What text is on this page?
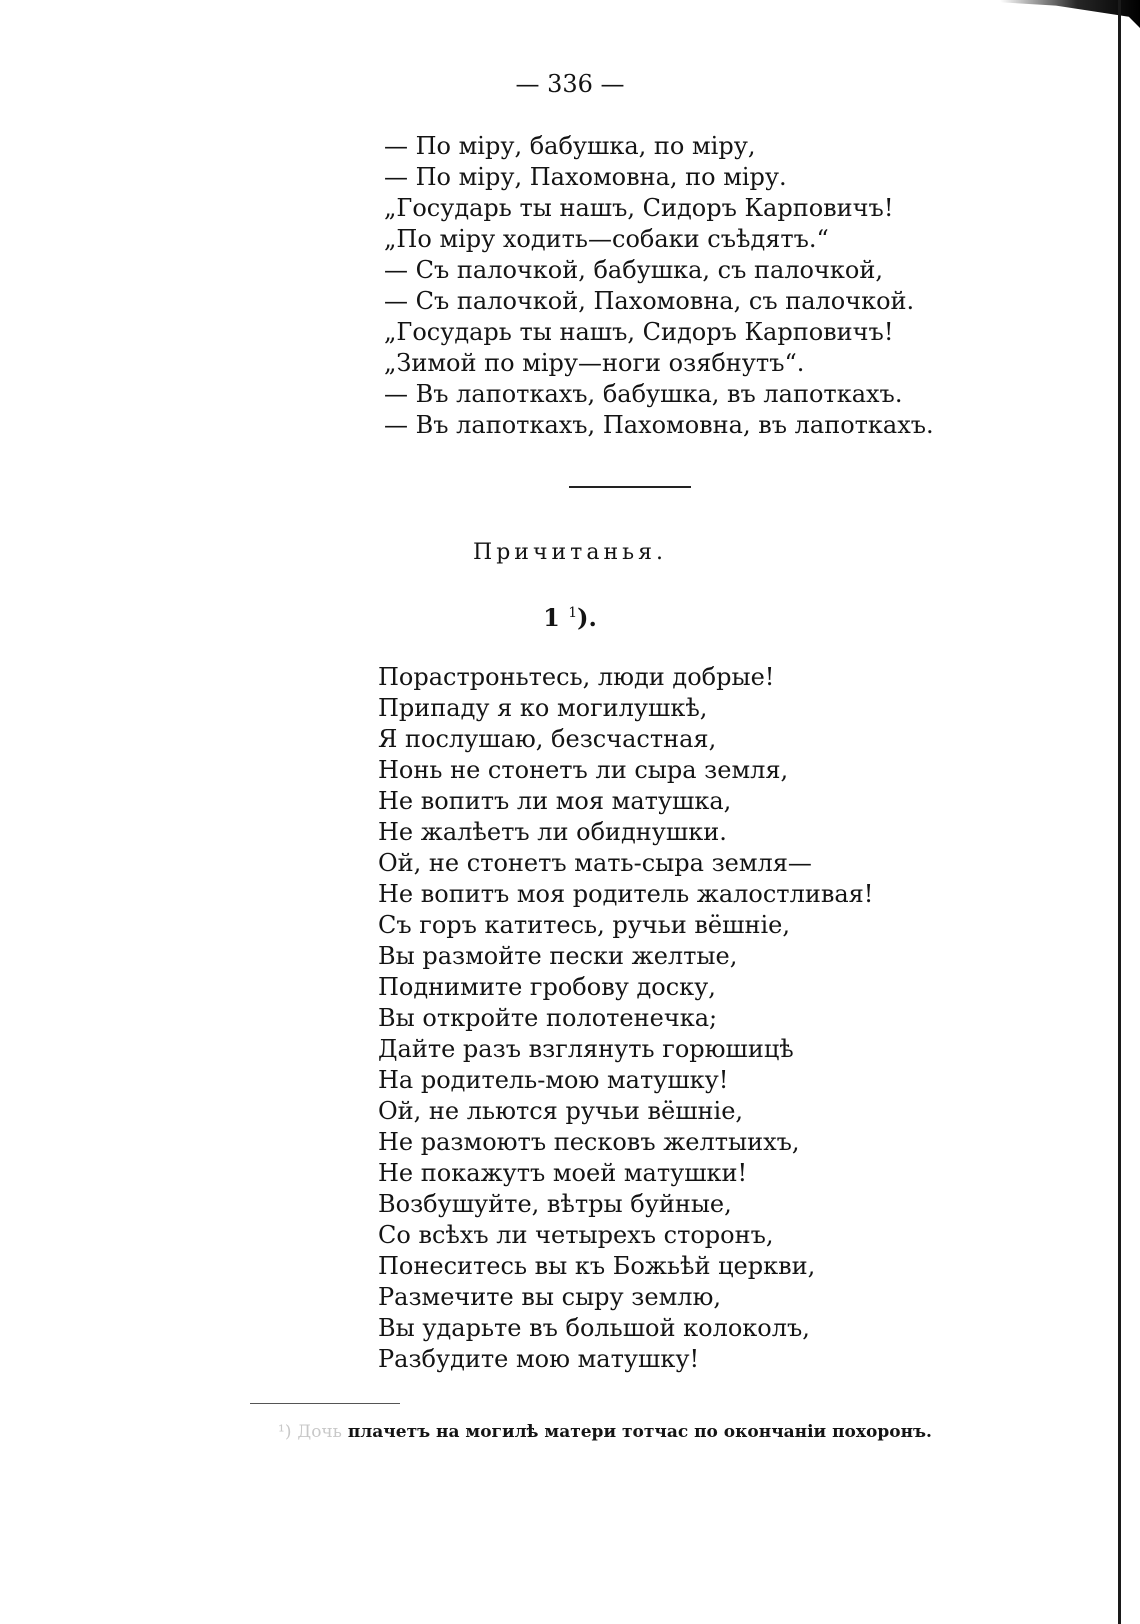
— 336 —
— По міру, бабушка, по міру,
— По міру, Пахомовна, по міру.
„Государь ты нашъ, Сидоръ Карповичъ!
„По міру ходить—собаки съѣдятъ.“
— Съ палочкой, бабушка, съ палочкой,
— Съ палочкой, Пахомовна, съ палочкой.
„Государь ты нашъ, Сидоръ Карповичъ!
„Зимой по міру—ноги озябнутъ“.
— Въ лапоткахъ, бабушка, въ лапоткахъ.
— Въ лапоткахъ, Пахомовна, въ лапоткахъ.
Причитанья.
1 $^1$).
Порастроньтесь, люди добрые!
Припаду я ко могилушкѣ,
Я послушаю, безсчастная,
Нонь не стонетъ ли сыра земля,
Не вопитъ ли моя матушка,
Не жалѣетъ ли обиднушки.
Ой, не стонетъ мать-сыра земля—
Не вопитъ моя родитель жалостливая!
Съ горъ катитесь, ручьи вёшніе,
Вы размойте пески желтые,
Поднимите гробову доску,
Вы откройте полотенечка;
Дайте разъ взглянуть горюшицѣ
На родитель-мою матушку!
Ой, не льются ручьи вёшніе,
Не размоютъ песковъ желтыихъ,
Не покажутъ моей матушки!
Возбушуйте, вѣтры буйные,
Со всѣхъ ли четырехъ сторонъ,
Понеситесь вы къ Божьѣй церкви,
Размечите вы сыру землю,
Вы ударьте въ большой колоколъ,
Разбудите мою матушку!
¹) Дочь плачетъ на могилѣ матери тотчас по окончаніи похоронъ.
